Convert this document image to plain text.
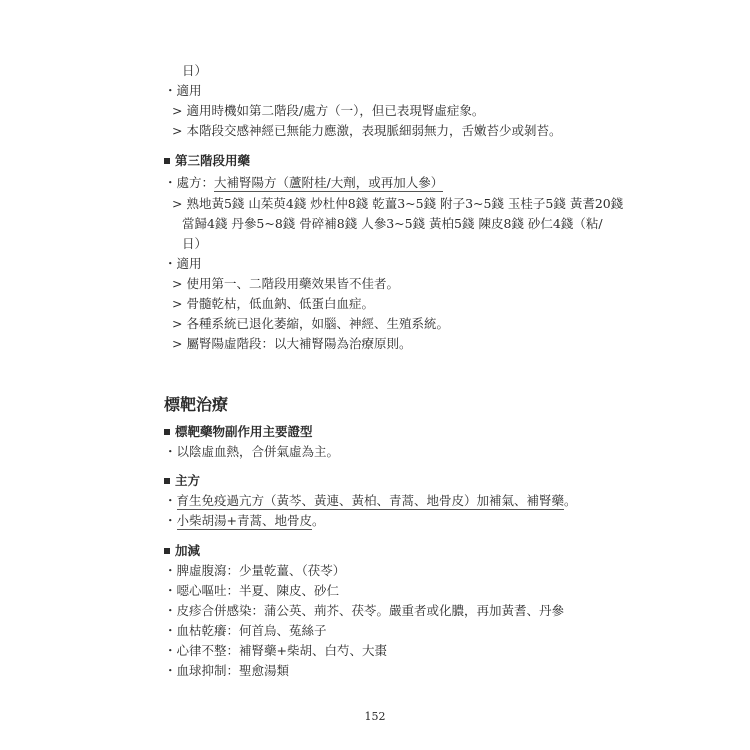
日）
・適用
> 適用時機如第二階段/處方（一），但已表現腎虛症象。
> 本階段交感神經已無能力應激，表現脈細弱無力，舌嫩苔少或剝苔。
第三階段用藥
・處方：大補腎陽方（蘆附桂/大劑，或再加人參）
> 熟地黃5錢 山茱萸4錢 炒杜仲8錢 乾薑3~5錢 附子3~5錢 玉桂子5錢 黃耆20錢
當歸4錢 丹參5~8錢 骨碎補8錢 人參3~5錢 黃柏5錢 陳皮8錢 砂仁4錢（粘/
日）
・適用
> 使用第一、二階段用藥效果皆不佳者。
> 骨髓乾枯，低血鈉、低蛋白血症。
> 各種系統已退化萎縮，如腦、神經、生殖系統。
> 屬腎陽虛階段：以大補腎陽為治療原則。
標靶治療
標靶藥物副作用主要證型
・以陰虛血熱，合併氣虛為主。
主方
・育生免疫過亢方（黃芩、黃連、黃柏、青蒿、地骨皮）加補氣、補腎藥。
・小柴胡湯+青蒿、地骨皮。
加減
・脾虛腹瀉：少量乾薑、（茯苓）
・噁心嘔吐：半夏、陳皮、砂仁
・皮疹合併感染：蒲公英、荊芥、茯苓。嚴重者或化膿，再加黃耆、丹參
・血枯乾癢：何首烏、菟絲子
・心律不整：補腎藥+柴胡、白芍、大棗
・血球抑制：聖愈湯類
152
